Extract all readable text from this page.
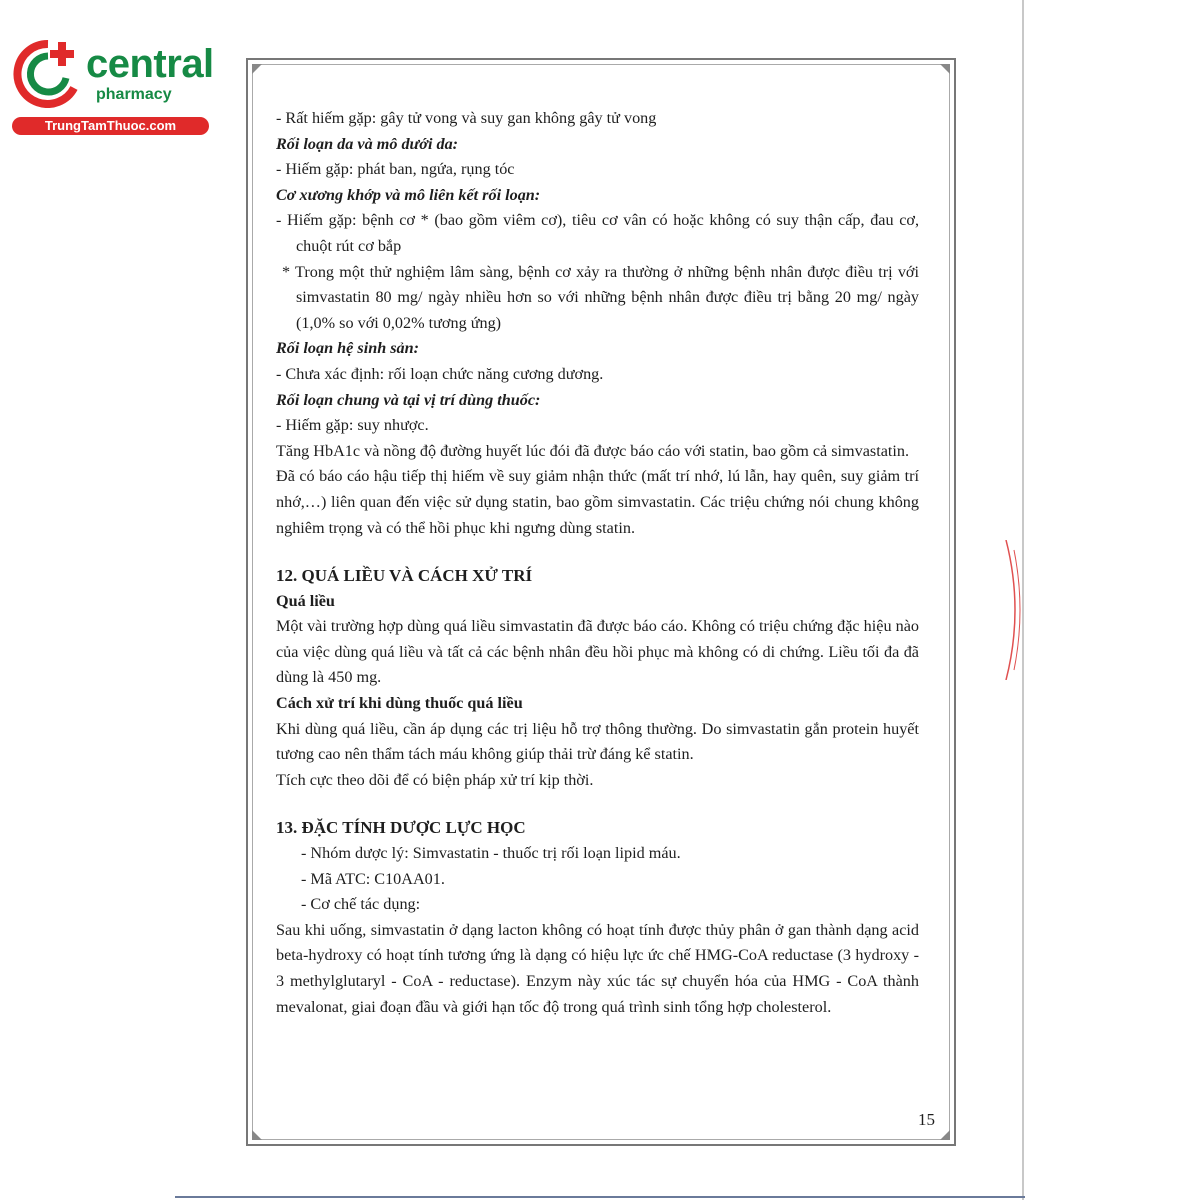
central
pharmacy
TrungTamThuoc.com	- Rất hiếm gặp: gây tử vong và suy gan không gây tử vong

Rối loạn da và mô dưới da:

- Hiếm gặp: phát ban, ngứa, rụng tóc

Cơ xương khớp và mô liên kết rối loạn:

- Hiếm gặp: bệnh cơ * (bao gồm viêm cơ), tiêu cơ vân có hoặc không có suy thận cấp, đau cơ, chuột rút cơ bắp

* Trong một thử nghiệm lâm sàng, bệnh cơ xảy ra thường ở những bệnh nhân được điều trị với simvastatin 80 mg/ ngày nhiều hơn so với những bệnh nhân được điều trị bằng 20 mg/ ngày (1,0% so với 0,02% tương ứng)

Rối loạn hệ sinh sản:

- Chưa xác định: rối loạn chức năng cương dương.

Rối loạn chung và tại vị trí dùng thuốc:

- Hiếm gặp: suy nhược.

Tăng HbA1c và nồng độ đường huyết lúc đói đã được báo cáo với statin, bao gồm cả simvastatin.

Đã có báo cáo hậu tiếp thị hiếm về suy giảm nhận thức (mất trí nhớ, lú lẫn, hay quên, suy giảm trí nhớ,…) liên quan đến việc sử dụng statin, bao gồm simvastatin. Các triệu chứng nói chung không nghiêm trọng và có thể hồi phục khi ngưng dùng statin.

12. QUÁ LIỀU VÀ CÁCH XỬ TRÍ

Quá liều

Một vài trường hợp dùng quá liều simvastatin đã được báo cáo. Không có triệu chứng đặc hiệu nào của việc dùng quá liều và tất cả các bệnh nhân đều hồi phục mà không có di chứng. Liều tối đa đã dùng là 450 mg.

Cách xử trí khi dùng thuốc quá liều

Khi dùng quá liều, cần áp dụng các trị liệu hỗ trợ thông thường. Do simvastatin gắn protein huyết tương cao nên thẩm tách máu không giúp thải trừ đáng kể statin.

Tích cực theo dõi để có biện pháp xử trí kịp thời.

13. ĐẶC TÍNH DƯỢC LỰC HỌC

- Nhóm dược lý: Simvastatin - thuốc trị rối loạn lipid máu.

- Mã ATC: C10AA01.

- Cơ chế tác dụng:

Sau khi uống, simvastatin ở dạng lacton không có hoạt tính được thủy phân ở gan thành dạng acid beta-hydroxy có hoạt tính tương ứng là dạng có hiệu lực ức chế HMG-CoA reductase (3 hydroxy - 3 methylglutaryl - CoA - reductase). Enzym này xúc tác sự chuyển hóa của HMG - CoA thành mevalonat, giai đoạn đầu và giới hạn tốc độ trong quá trình sinh tổng hợp cholesterol.

15
